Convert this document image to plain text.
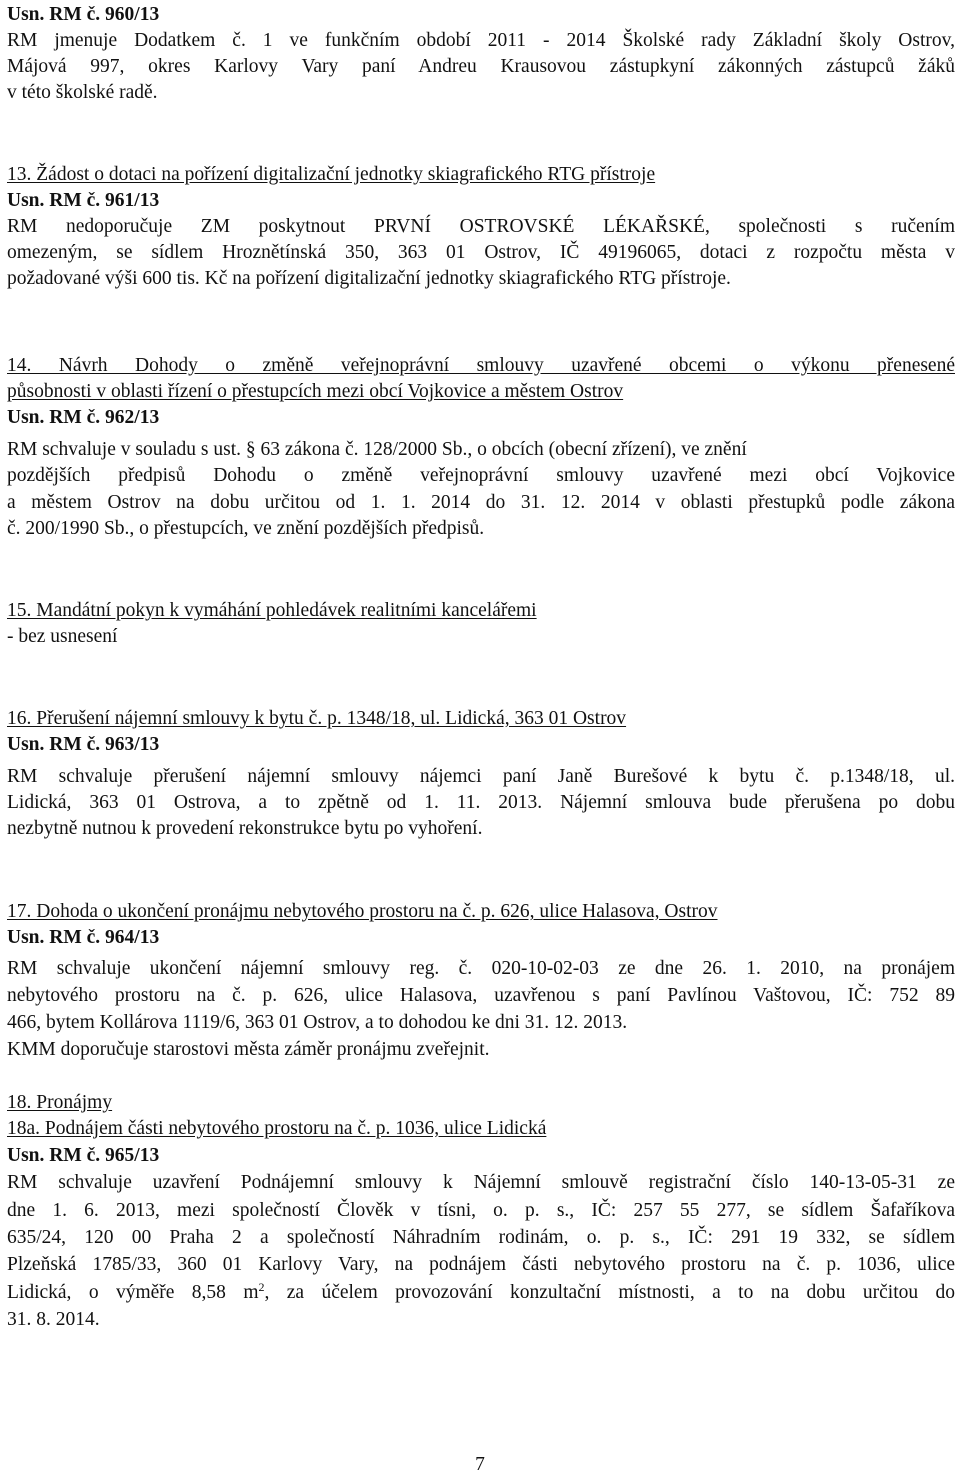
Usn. RM č. 960/13
RM jmenuje Dodatkem č. 1 ve funkčním období 2011 - 2014 Školské rady Základní školy Ostrov,
Májová 997, okres Karlovy Vary paní Andreu Krausovou zástupkyní zákonných zástupců žáků
v této školské radě.
13. Žádost o dotaci na pořízení digitalizační jednotky skiagrafického RTG přístroje
Usn. RM č. 961/13
RM nedoporučuje ZM poskytnout PRVNÍ OSTROVSKÉ LÉKAŘSKÉ, společnosti s ručením
omezeným, se sídlem Hroznětínská 350, 363 01 Ostrov, IČ 49196065, dotaci z rozpočtu města v
požadované výši 600 tis. Kč na pořízení digitalizační jednotky skiagrafického RTG přístroje.
14. Návrh Dohody o změně veřejnoprávní smlouvy uzavřené obcemi o výkonu přenesené
působnosti v oblasti řízení o přestupcích mezi obcí Vojkovice a městem Ostrov
Usn. RM č. 962/13
RM schvaluje v souladu s ust. § 63 zákona č. 128/2000 Sb., o obcích (obecní zřízení), ve znění
pozdějších předpisů Dohodu o změně veřejnoprávní smlouvy uzavřené mezi obcí Vojkovice
a městem Ostrov na dobu určitou od 1. 1. 2014 do 31. 12. 2014 v oblasti přestupků podle zákona
č. 200/1990 Sb., o přestupcích, ve znění pozdějších předpisů.
15. Mandátní pokyn k vymáhání pohledávek realitními kancelářemi
- bez usnesení
16. Přerušení nájemní smlouvy k bytu č. p. 1348/18, ul. Lidická, 363 01 Ostrov
Usn. RM č. 963/13
RM schvaluje přerušení nájemní smlouvy nájemci paní Janě Burešové k bytu č. p.1348/18, ul.
Lidická, 363 01 Ostrova, a to zpětně od 1. 11. 2013. Nájemní smlouva bude přerušena po dobu
nezbytně nutnou k provedení rekonstrukce bytu po vyhoření.
17. Dohoda o ukončení pronájmu nebytového prostoru na č. p. 626, ulice Halasova, Ostrov
Usn. RM č. 964/13
RM schvaluje ukončení nájemní smlouvy reg. č. 020-10-02-03 ze dne 26. 1. 2010, na pronájem
nebytového prostoru na č. p. 626, ulice Halasova, uzavřenou s paní Pavlínou Vaštovou, IČ: 752 89
466, bytem Kollárova 1119/6, 363 01 Ostrov, a to dohodou ke dni 31. 12. 2013.
KMM doporučuje starostovi města záměr pronájmu zveřejnit.
18. Pronájmy
18a. Podnájem části nebytového prostoru na č. p. 1036, ulice Lidická
Usn. RM č. 965/13
RM schvaluje uzavření Podnájemní smlouvy k Nájemní smlouvě registrační číslo 140-13-05-31 ze
dne 1. 6. 2013, mezi společností Člověk v tísni, o. p. s., IČ: 257 55 277, se sídlem Šafaříkova
635/24, 120 00 Praha 2 a společností Náhradním rodinám, o. p. s., IČ: 291 19 332, se sídlem
Plzeňská 1785/33, 360 01 Karlovy Vary, na podnájem části nebytového prostoru na č. p. 1036, ulice
Lidická, o výměře 8,58 $m^2$, za účelem provozování konzultační místnosti, a to na dobu určitou do
31. 8. 2014.
7
